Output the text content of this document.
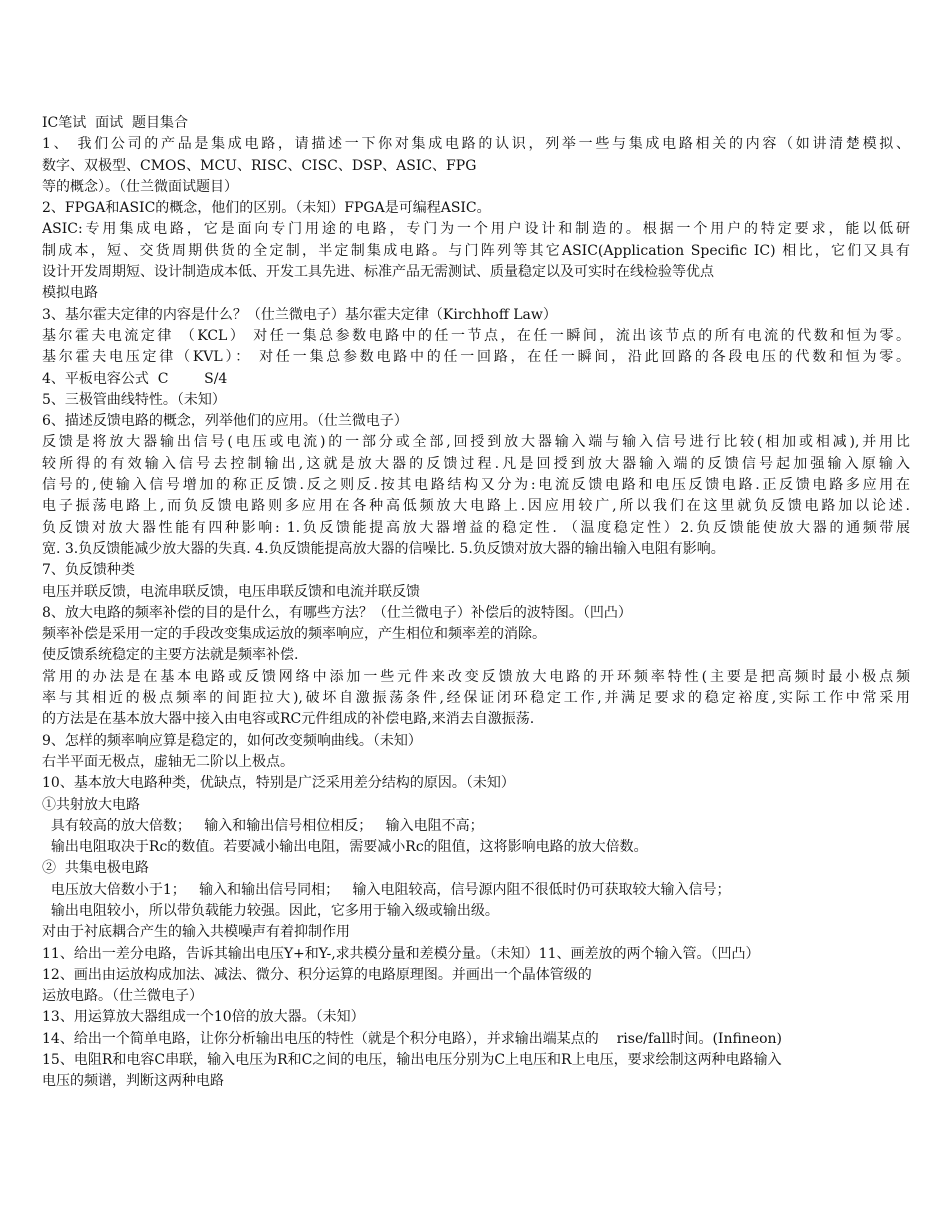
IC笔试  面试  题目集合
1、 我们公司的产品是集成电路，请描述一下你对集成电路的认识，列举一些与集成电路相关的内容（如讲清楚模拟、
数字、双极型、CMOS、MCU、RISC、CISC、DSP、ASIC、FPG
等的概念）。（仕兰微面试题目）
2、FPGA和ASIC的概念，他们的区别。（未知）FPGA是可编程ASIC。
ASIC:专用集成电路，它是面向专门用途的电路，专门为一个用户设计和制造的。根据一个用户的特定要求，能以低研
制成本，短、交货周期供货的全定制，半定制集成电路。与门阵列等其它ASIC(Application Specific IC) 相比，它们又具有
设计开发周期短、设计制造成本低、开发工具先进、标准产品无需测试、质量稳定以及可实时在线检验等优点
模拟电路
3、基尔霍夫定律的内容是什么？（仕兰微电子）基尔霍夫定律（Kirchhoff Law）
基尔霍夫电流定律 （KCL） 对任一集总参数电路中的任一节点，在任一瞬间，流出该节点的所有电流的代数和恒为零。
基尔霍夫电压定律（KVL）： 对任一集总参数电路中的任一回路，在任一瞬间，沿此回路的各段电压的代数和恒为零。
4、平板电容公式  C        S/4
5、三极管曲线特性。（未知）
6、描述反馈电路的概念，列举他们的应用。（仕兰微电子）
反馈是将放大器输出信号(电压或电流)的一部分或全部,回授到放大器输入端与输入信号进行比较(相加或相减),并用比
较所得的有效输入信号去控制输出,这就是放大器的反馈过程.凡是回授到放大器输入端的反馈信号起加强输入原输入
信号的,使输入信号增加的称正反馈.反之则反.按其电路结构又分为:电流反馈电路和电压反馈电路.正反馈电路多应用在
电子振荡电路上,而负反馈电路则多应用在各种高低频放大电路上.因应用较广,所以我们在这里就负反馈电路加以论述.
负反馈对放大器性能有四种影响: 1.负反馈能提高放大器增益的稳定性. （温度稳定性）2.负反馈能使放大器的通频带展
宽. 3.负反馈能减少放大器的失真. 4.负反馈能提高放大器的信噪比. 5.负反馈对放大器的输出输入电阻有影响。
7、负反馈种类
电压并联反馈，电流串联反馈，电压串联反馈和电流并联反馈
8、放大电路的频率补偿的目的是什么，有哪些方法？（仕兰微电子）补偿后的波特图。（凹凸）
频率补偿是采用一定的手段改变集成运放的频率响应，产生相位和频率差的消除。
使反馈系统稳定的主要方法就是频率补偿.
常用的办法是在基本电路或反馈网络中添加一些元件来改变反馈放大电路的开环频率特性(主要是把高频时最小极点频
率与其相近的极点频率的间距拉大),破坏自激振荡条件,经保证闭环稳定工作,并满足要求的稳定裕度,实际工作中常采用
的方法是在基本放大器中接入由电容或RC元件组成的补偿电路,来消去自激振荡.
9、怎样的频率响应算是稳定的，如何改变频响曲线。（未知）
右半平面无极点，虚轴无二阶以上极点。
10、基本放大电路种类，优缺点，特别是广泛采用差分结构的原因。（未知）
①共射放大电路
具有较高的放大倍数；   输入和输出信号相位相反；   输入电阻不高；
输出电阻取决于Rc的数值。若要减小输出电阻，需要减小Rc的阻值，这将影响电路的放大倍数。
②  共集电极电路
电压放大倍数小于1；   输入和输出信号同相；   输入电阻较高，信号源内阻不很低时仍可获取较大输入信号；
输出电阻较小，所以带负载能力较强。因此，它多用于输入级或输出级。
对由于衬底耦合产生的输入共模噪声有着抑制作用
11、给出一差分电路，告诉其输出电压Y+和Y-,求共模分量和差模分量。（未知）11、画差放的两个输入管。（凹凸）
12、画出由运放构成加法、减法、微分、积分运算的电路原理图。并画出一个晶体管级的
运放电路。（仕兰微电子）
13、用运算放大器组成一个10倍的放大器。（未知）
14、给出一个简单电路，让你分析输出电压的特性（就是个积分电路），并求输出端某点的    rise/fall时间。(Infineon)
15、电阻R和电容C串联，输入电压为R和C之间的电压，输出电压分别为C上电压和R上电压，要求绘制这两种电路输入
电压的频谱，判断这两种电路
